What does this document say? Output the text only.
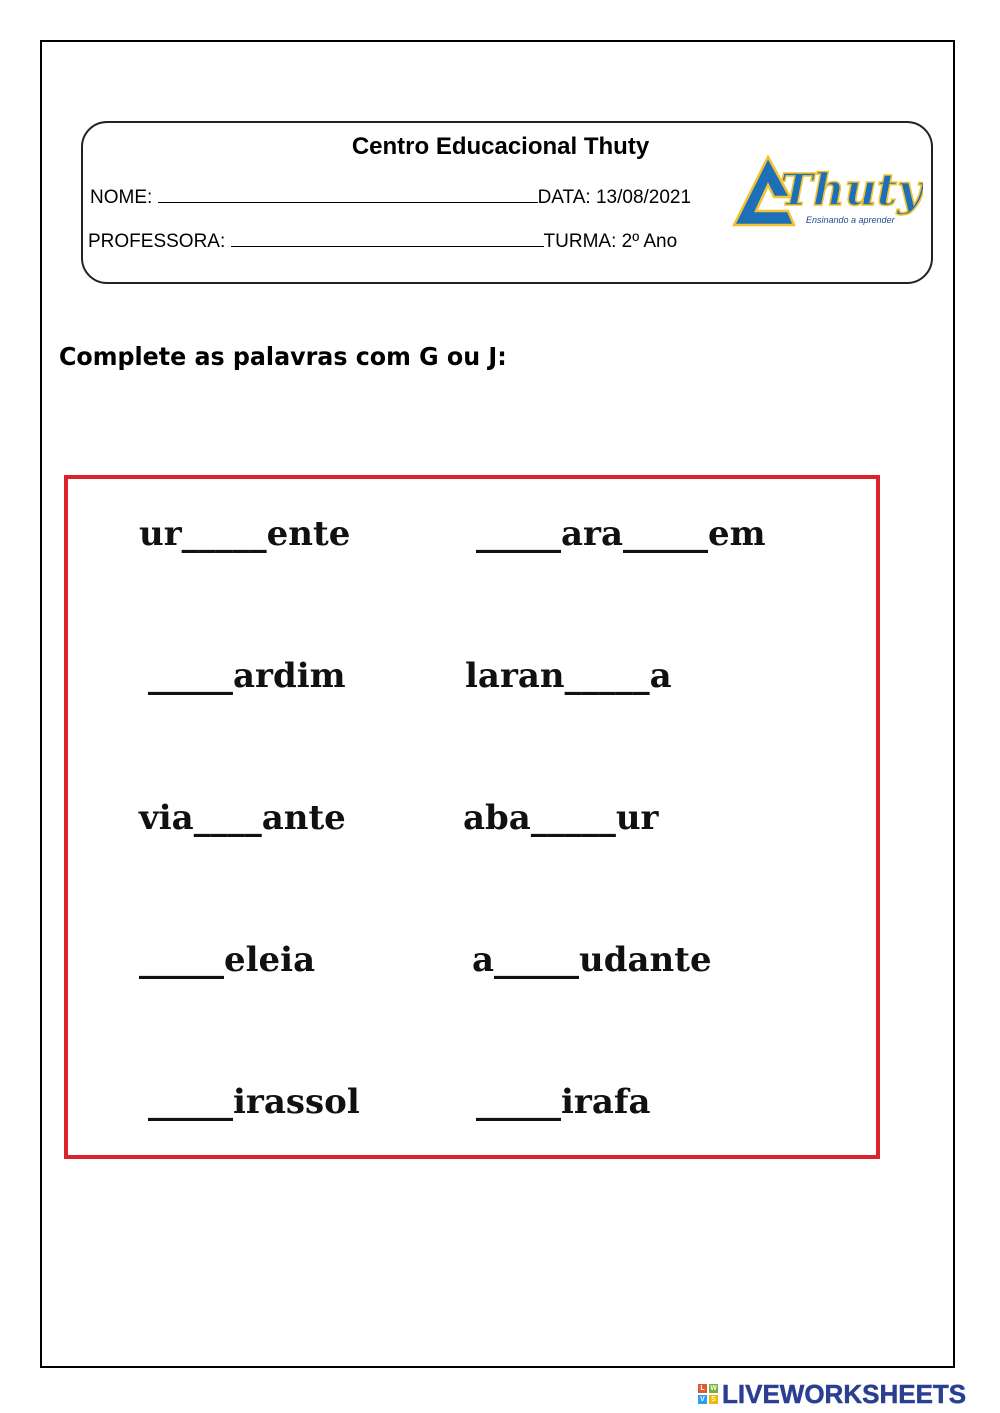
Centro Educacional Thuty
NOME:	DATA: 13/08/2021
PROFESSORA:	TURMA: 2º Ano
Thuty
Ensinando a aprender
Complete as palavras com G ou J:
ur_____ente	_____ara_____em
_____ardim	laran_____a
via____ante	aba_____ur
_____eleia	a_____udante
_____irassol	_____irafa
L W
V S LIVEWORKSHEETS
